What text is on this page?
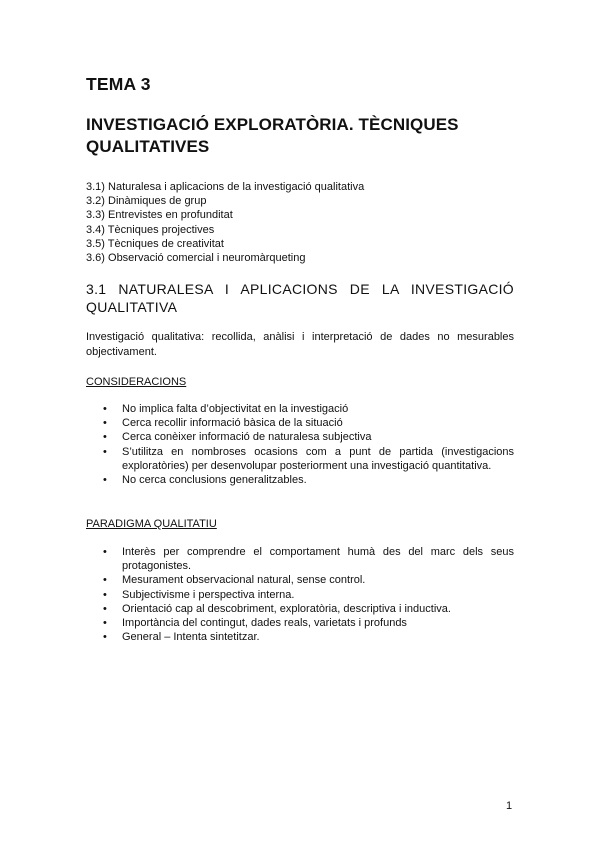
TEMA 3
INVESTIGACIÓ EXPLORATÒRIA. TÈCNIQUES QUALITATIVES
3.1) Naturalesa i aplicacions de la investigació qualitativa
3.2) Dinàmiques de grup
3.3) Entrevistes en profunditat
3.4) Tècniques projectives
3.5) Tècniques de creativitat
3.6) Observació comercial i neuromàrqueting
3.1 NATURALESA I APLICACIONS DE LA INVESTIGACIÓ QUALITATIVA

Investigació qualitativa: recollida, anàlisi i interpretació de dades no mesurables objectivament.

CONSIDERACIONS
• No implica falta d’objectivitat en la investigació
• Cerca recollir informació bàsica de la situació
• Cerca conèixer informació de naturalesa subjectiva
• S’utilitza en nombroses ocasions com a punt de partida (investigacions exploratòries) per desenvolupar posteriorment una investigació quantitativa.
• No cerca conclusions generalitzables.
PARADIGMA QUALITATIU
• Interès per comprendre el comportament humà des del marc dels seus protagonistes.
• Mesurament observacional natural, sense control.
• Subjectivisme i perspectiva interna.
• Orientació cap al descobriment, exploratòria, descriptiva i inductiva.
• Importància del contingut, dades reals, varietats i profunds
• General – Intenta sintetitzar.
1
